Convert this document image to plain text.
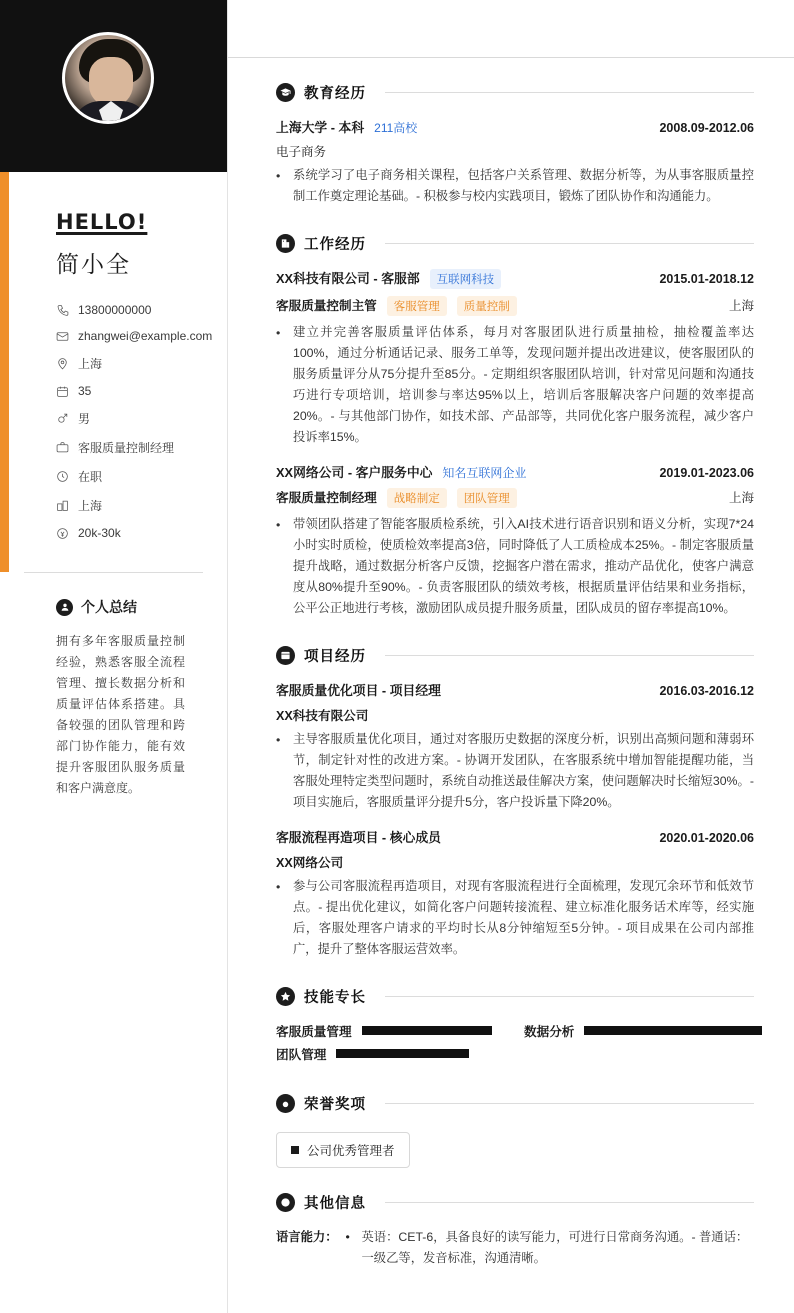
HELLO!
简小全
13800000000
zhangwei@example.com
上海
35
男
客服质量控制经理
在职
上海
20k-30k
个人总结
拥有多年客服质量控制经验，熟悉客服全流程管理、擅长数据分析和质量评估体系搭建。具备较强的团队管理和跨部门协作能力，能有效提升客服团队服务质量和客户满意度。
教育经历
上海大学 - 本科 211高校	2008.09-2012.06
电子商务
• 系统学习了电子商务相关课程，包括客户关系管理、数据分析等，为从事客服质量控制工作奠定理论基础。- 积极参与校内实践项目，锻炼了团队协作和沟通能力。
工作经历
XX科技有限公司 - 客服部	互联网科技	2015.01-2018.12
客服质量控制主管	客服管理	质量控制	上海
• 建立并完善客服质量评估体系，每月对客服团队进行质量抽检，抽检覆盖率达100%，通过分析通话记录、服务工单等，发现问题并提出改进建议，使客服团队的服务质量评分从75分提升至85分。- 定期组织客服团队培训，针对常见问题和沟通技巧进行专项培训，培训参与率达95%以上，培训后客服解决客户问题的效率提高20%。- 与其他部门协作，如技术部、产品部等，共同优化客户服务流程，减少客户投诉率15%。
XX网络公司 - 客户服务中心 知名互联网企业	2019.01-2023.06
客服质量控制经理	战略制定	团队管理	上海
• 带领团队搭建了智能客服质检系统，引入AI技术进行语音识别和语义分析，实现7*24小时实时质检，使质检效率提高3倍，同时降低了人工质检成本25%。- 制定客服质量提升战略，通过数据分析客户反馈，挖掘客户潜在需求，推动产品优化，使客户满意度从80%提升至90%。- 负责客服团队的绩效考核，根据质量评估结果和业务指标，公平公正地进行考核，激励团队成员提升服务质量，团队成员的留存率提高10%。
项目经历
客服质量优化项目 - 项目经理	2016.03-2016.12
XX科技有限公司
• 主导客服质量优化项目，通过对客服历史数据的深度分析，识别出高频问题和薄弱环节，制定针对性的改进方案。- 协调开发团队，在客服系统中增加智能提醒功能，当客服处理特定类型问题时，系统自动推送最佳解决方案，使问题解决时长缩短30%。- 项目实施后，客服质量评分提升5分，客户投诉量下降20%。
客服流程再造项目 - 核心成员	2020.01-2020.06
XX网络公司
• 参与公司客服流程再造项目，对现有客服流程进行全面梳理，发现冗余环节和低效节点。- 提出优化建议，如简化客户问题转接流程、建立标准化服务话术库等，经实施后，客服处理客户请求的平均时长从8分钟缩短至5分钟。- 项目成果在公司内部推广，提升了整体客服运营效率。
技能专长
客服质量管理	数据分析
团队管理
荣誉奖项
公司优秀管理者
其他信息
语言能力： • 英语：CET-6，具备良好的读写能力，可进行日常商务沟通。- 普通话：一级乙等，发音标准，沟通清晰。
